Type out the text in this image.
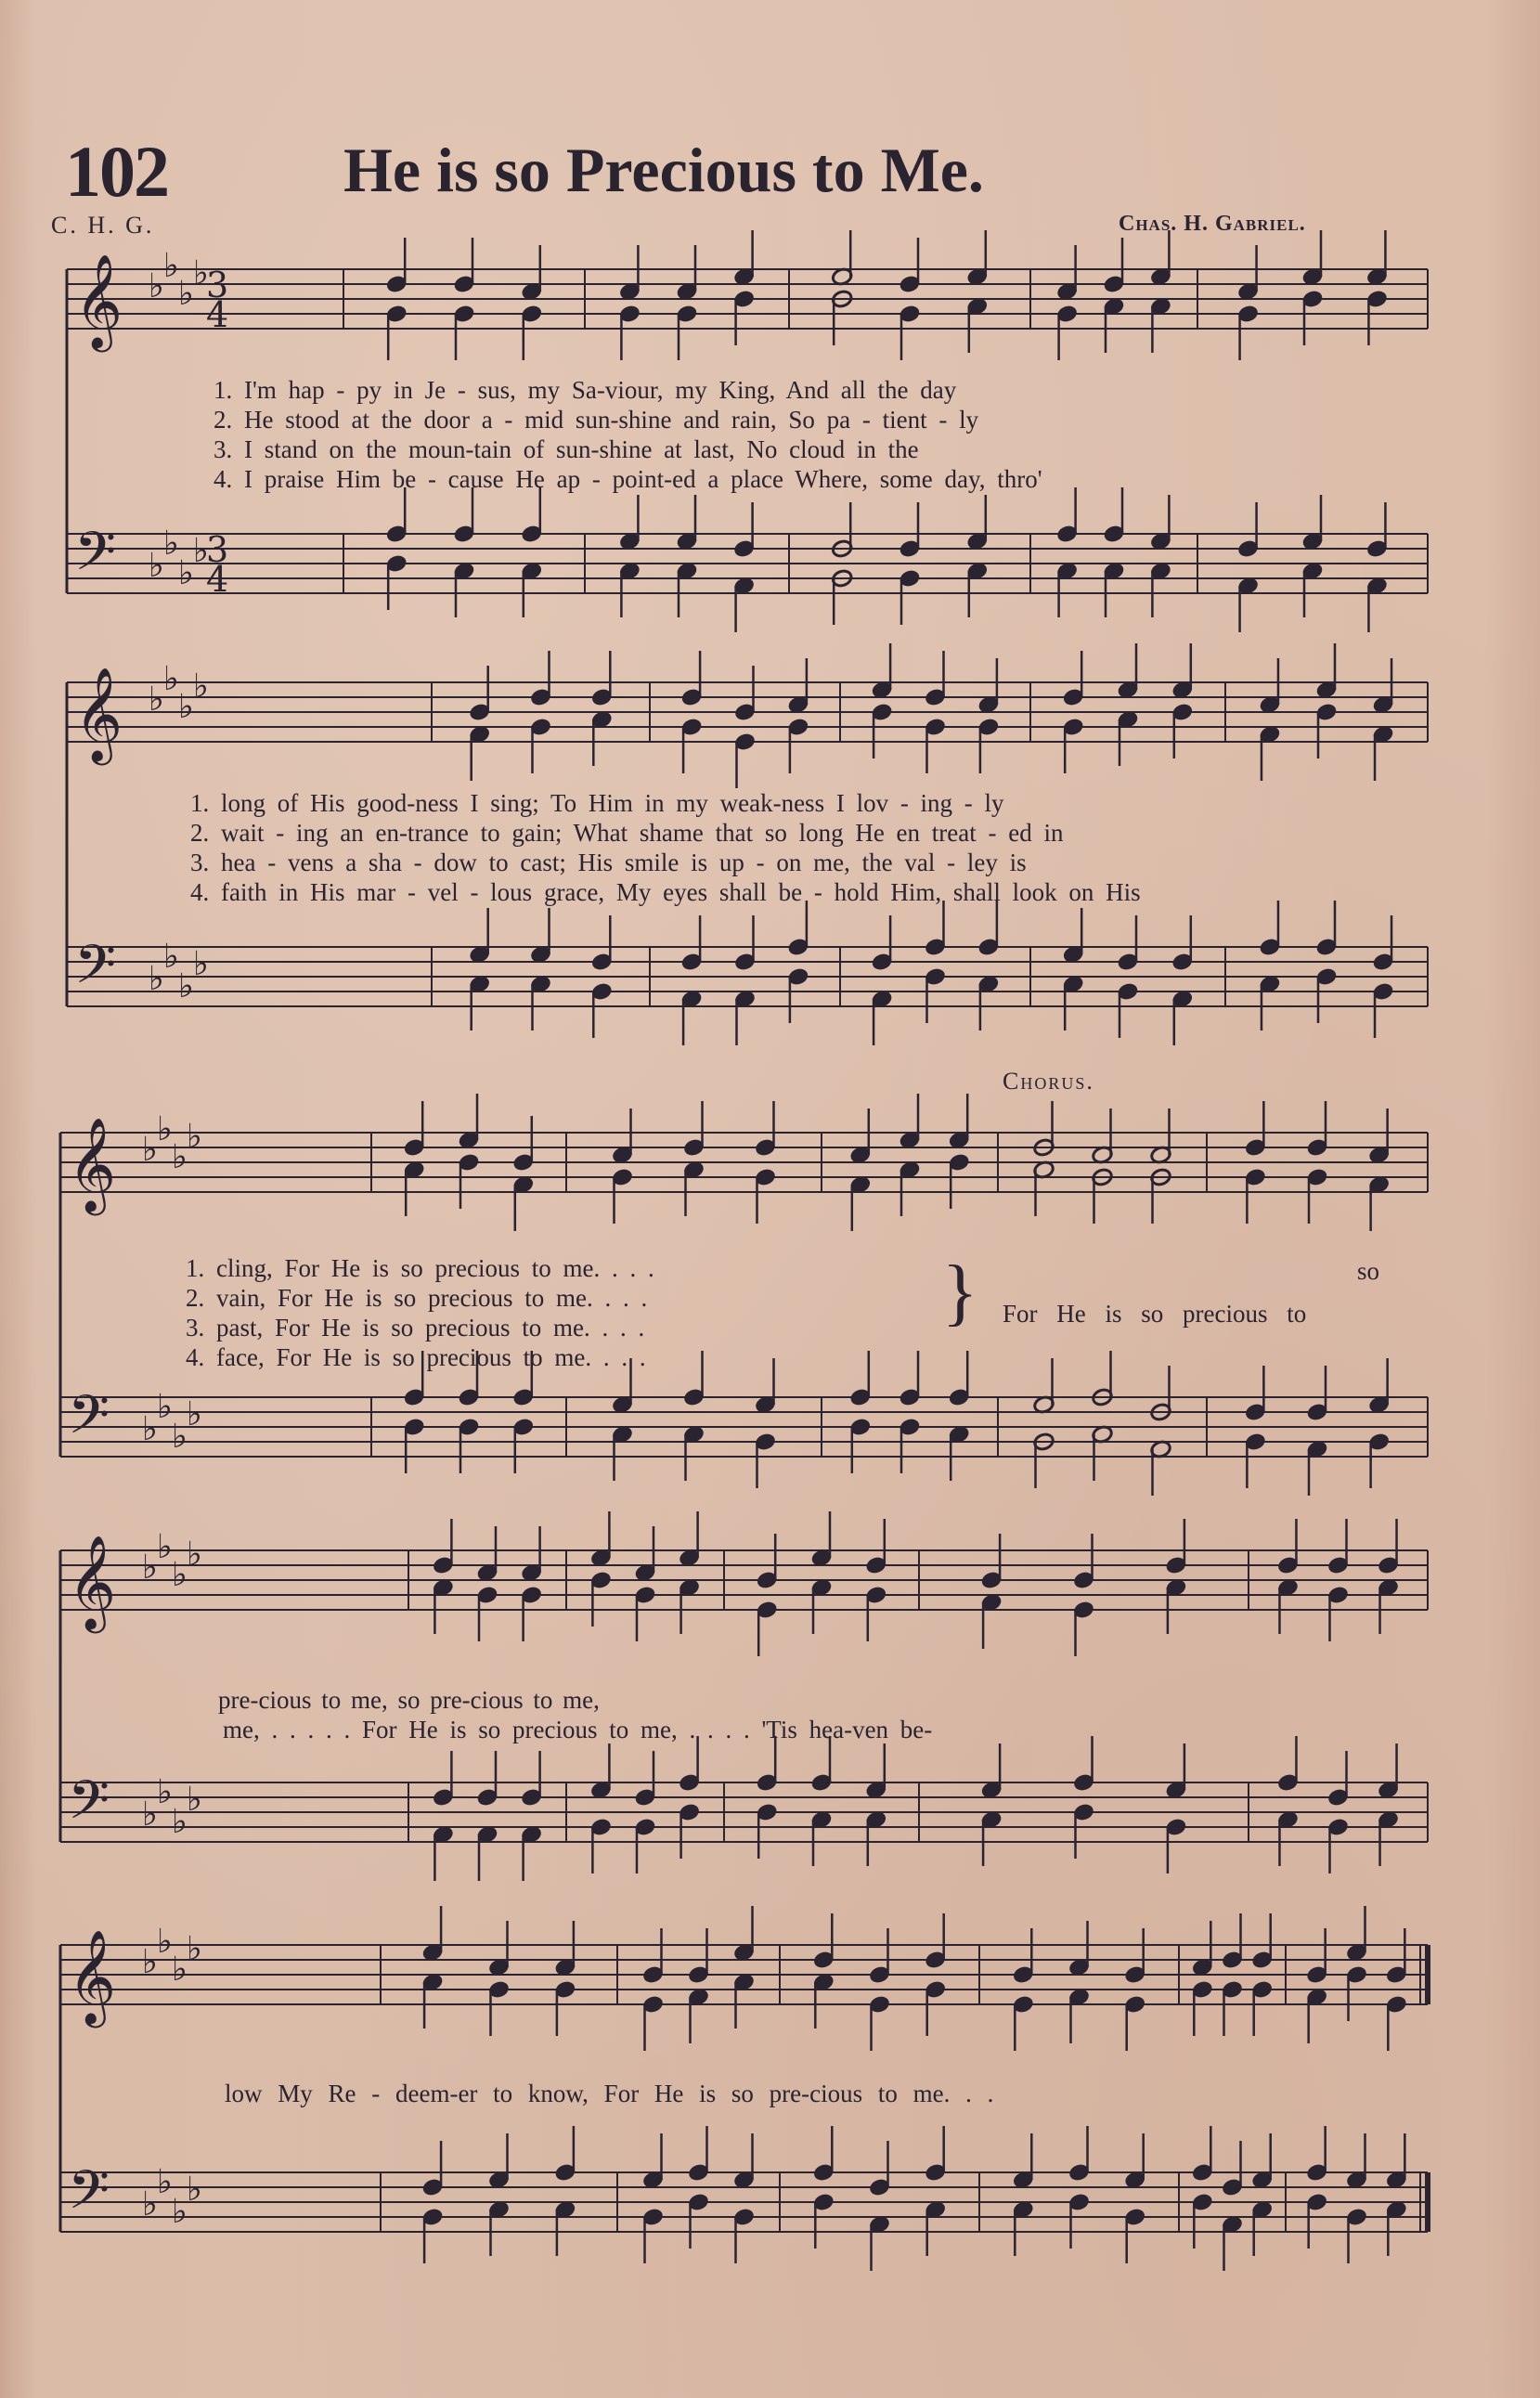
102	He is so Precious to Me.
C. H. G.	Chas. H. Gabriel.
𝄞 ♭
♭
♭
♭
3
4
𝄢 ♭
♭
♭
♭
3
4
𝄞 ♭
♭
♭
♭
𝄢 ♭
♭
♭
♭
𝄞 ♭
♭
♭
♭
𝄢 ♭
♭
♭
♭
𝄞 ♭
♭
♭
♭
𝄢 ♭
♭
♭
♭
𝄞 ♭
♭
♭
♭
𝄢 ♭
♭
♭
♭
1. I'm hap - py in Je - sus, my Sa-viour, my King, And all the day
2. He stood at the door a - mid sun-shine and rain, So pa - tient - ly
3. I stand on the moun-tain of sun-shine at last, No cloud in the
4. I praise Him be - cause He ap - point-ed a place Where, some day, thro'
1. long of His good-ness I sing; To Him in my weak-ness I lov - ing - ly
2. wait - ing an en-trance to gain; What shame that so long He en treat - ed in
3. hea - vens a sha - dow to cast; His smile is up - on me, the val - ley is
4. faith in His mar - vel - lous grace, My eyes shall be - hold Him, shall look on His
Chorus.
1. cling, For He is so precious to me. . . .
2. vain, For He is so precious to me. . . .
3. past, For He is so precious to me. . . .
4. face, For He is so precious to me. . . .
}	so
For He is so precious to
pre-cious to me, so pre-cious to me,
me, . . . . . For He is so precious to me, . . . . 'Tis hea-ven be-
low My Re - deem-er to know, For He is so pre-cious to me. . .
